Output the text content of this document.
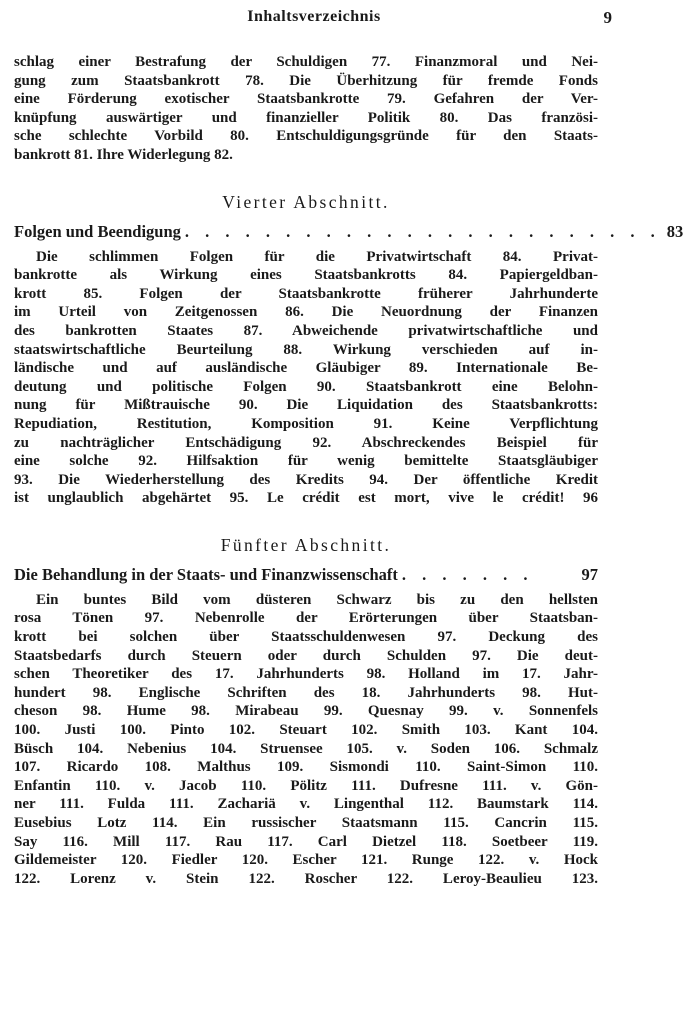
Inhaltsverzeichnis	9
schlag einer Bestrafung der Schuldigen 77. Finanzmoral und Nei-
gung zum Staatsbankrott 78. Die Überhitzung für fremde Fonds
eine Förderung exotischer Staatsbankrotte 79. Gefahren der Ver-
knüpfung auswärtiger und finanzieller Politik 80. Das französi-
sche schlechte Vorbild 80. Entschuldigungsgründe für den Staats-
bankrott 81. Ihre Widerlegung 82.
Vierter Abschnitt.
Folgen und Beendigung . . . . . . . . . . . . . . . . . . . . . . . . 83
Die schlimmen Folgen für die Privatwirtschaft 84. Privat-
bankrotte als Wirkung eines Staatsbankrotts 84. Papiergeldban-
krott 85. Folgen der Staatsbankrotte früherer Jahrhunderte
im Urteil von Zeitgenossen 86. Die Neuordnung der Finanzen
des bankrotten Staates 87. Abweichende privatwirtschaftliche und
staatswirtschaftliche Beurteilung 88. Wirkung verschieden auf in-
ländische und auf ausländische Gläubiger 89. Internationale Be-
deutung und politische Folgen 90. Staatsbankrott eine Belohn-
nung für Mißtrauische 90. Die Liquidation des Staatsbankrotts:
Repudiation, Restitution, Komposition 91. Keine Verpflichtung
zu nachträglicher Entschädigung 92. Abschreckendes Beispiel für
eine solche 92. Hilfsaktion für wenig bemittelte Staatsgläubiger
93. Die Wiederherstellung des Kredits 94. Der öffentliche Kredit
ist unglaublich abgehärtet 95. Le crédit est mort, vive le crédit! 96
Fünfter Abschnitt.
Die Behandlung in der Staats- und Finanzwissenschaft . . . . . . .	97
Ein buntes Bild vom düsteren Schwarz bis zu den hellsten
rosa Tönen 97. Nebenrolle der Erörterungen über Staatsban-
krott bei solchen über Staatsschuldenwesen 97. Deckung des
Staatsbedarfs durch Steuern oder durch Schulden 97. Die deut-
schen Theoretiker des 17. Jahrhunderts 98. Holland im 17. Jahr-
hundert 98. Englische Schriften des 18. Jahrhunderts 98. Hut-
cheson 98. Hume 98. Mirabeau 99. Quesnay 99. v. Sonnenfels
100. Justi 100. Pinto 102. Steuart 102. Smith 103. Kant 104.
Büsch 104. Nebenius 104. Struensee 105. v. Soden 106. Schmalz
107. Ricardo 108. Malthus 109. Sismondi 110. Saint-Simon 110.
Enfantin 110. v. Jacob 110. Pölitz 111. Dufresne 111. v. Gön-
ner 111. Fulda 111. Zachariä v. Lingenthal 112. Baumstark 114.
Eusebius Lotz 114. Ein russischer Staatsmann 115. Cancrin 115.
Say 116. Mill 117. Rau 117. Carl Dietzel 118. Soetbeer 119.
Gildemeister 120. Fiedler 120. Escher 121. Runge 122. v. Hock
122. Lorenz v. Stein 122. Roscher 122. Leroy-Beaulieu 123.
